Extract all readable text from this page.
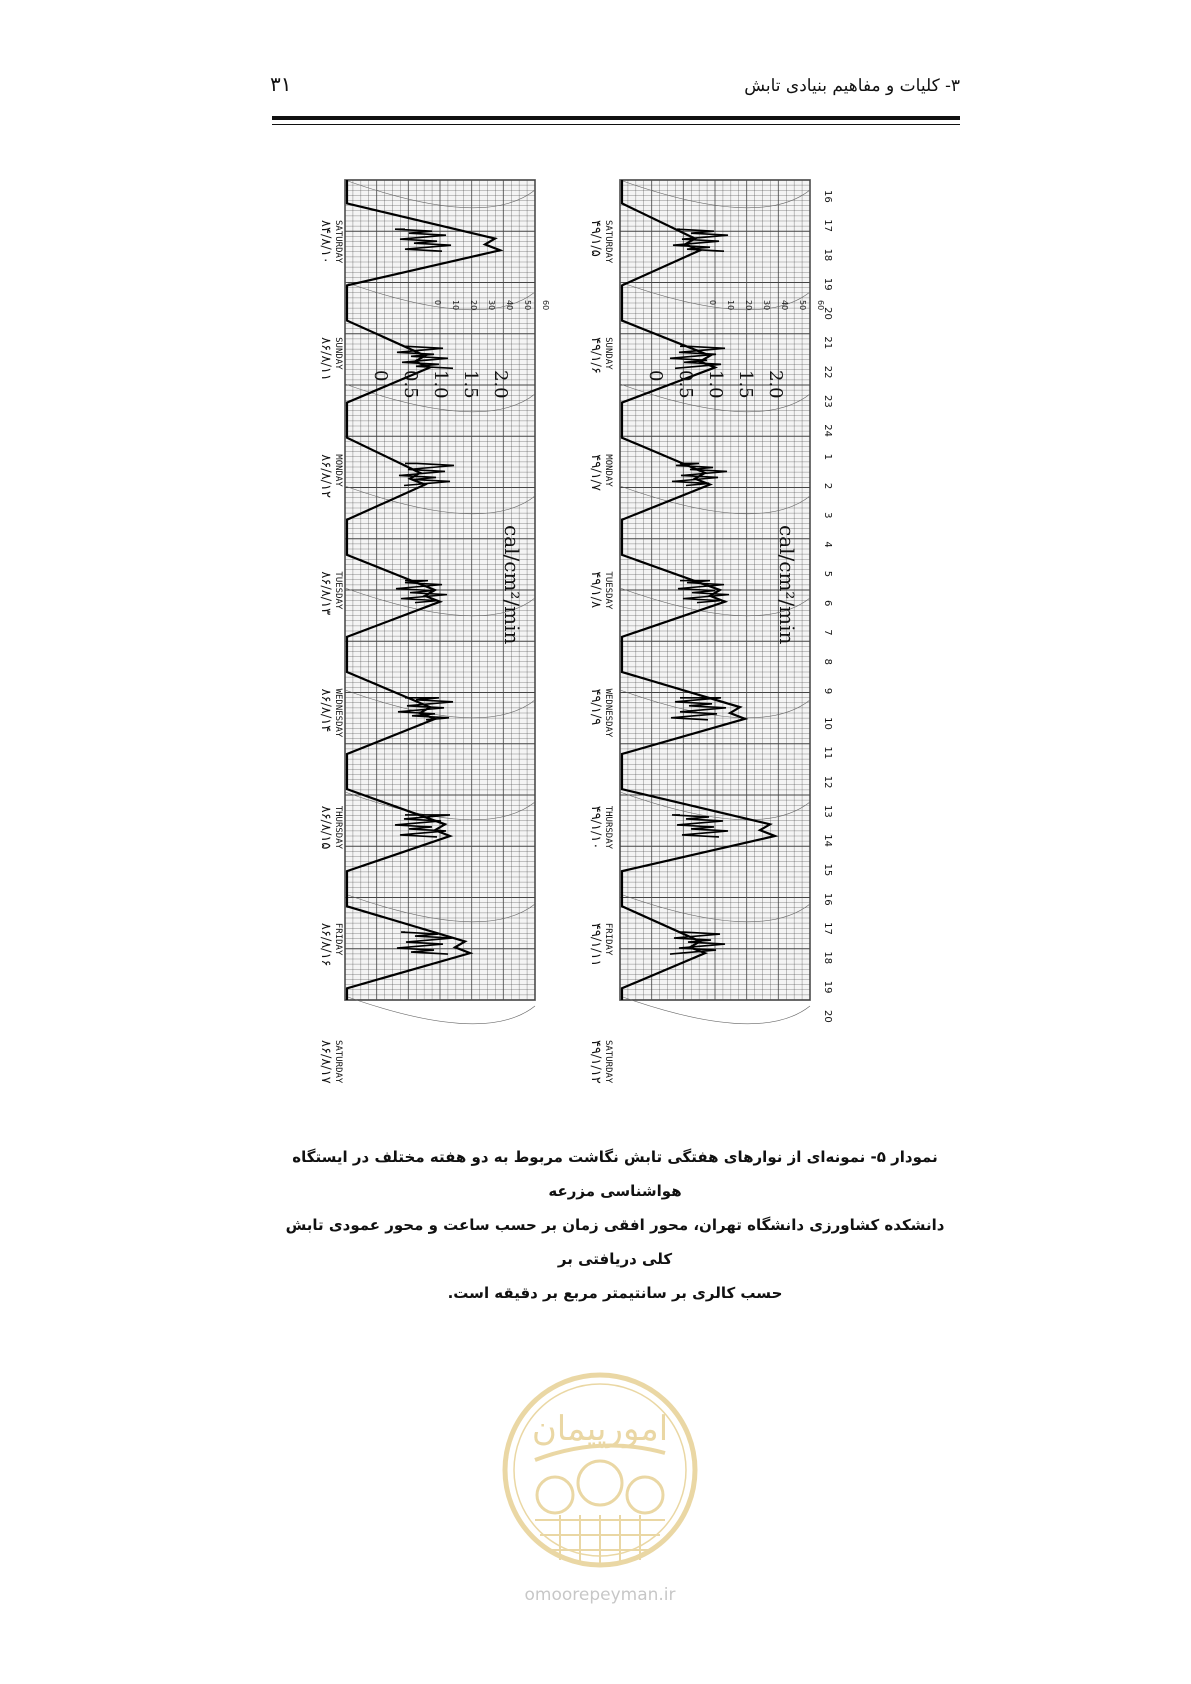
۳۱	۳- کلیات و مفاهیم بنیادی تابش
SATURDAY
۸۴/۸/۱۰
SUNDAY
۸۶/۸/۱۱
MONDAY
۸۶/۸/۱۲
TUESDAY
۸۶/۸/۱۳
WEDNESDAY
۸۶/۸/۱۴
THURSDAY
۸۶/۸/۱۵
FRIDAY
۸۶/۸/۱۶
SATURDAY
۸۶/۸/۱۷
0 0.5 1.0 1.5 2.0
cal/cm²/min
0 10 20 30 40 50 60
SATURDAY
۴۹/۱/۵
SUNDAY
۴۹/۱/۶
MONDAY
۴۹/۱/۷
TUESDAY
۴۹/۱/۸
WEDNESDAY
۴۹/۱/۹
THURSDAY
۴۹/۱/۱۰
FRIDAY
۴۹/۱/۱۱
SATURDAY
۴۹/۱/۱۲
0 0.5 1.0 1.5 2.0
cal/cm²/min
0 10 20 30 40 50 60
16
17
18
19
20
21
22
23
24
1
2
3
4
5
6
7
8
9
10
11
12
13
14
15
16
17
18
19
20
نمودار ۵- نمونه‌ای از نوارهای هفتگی تابش نگاشت مربوط به دو هفته مختلف در ایستگاه هواشناسی مزرعه
دانشکده کشاورزی دانشگاه تهران، محور افقی زمان بر حسب ساعت و محور عمودی تابش کلی دریافتی بر
حسب کالری بر سانتیمتر مربع بر دقیقه است.
امورپیمان
omoorepeyman.ir
